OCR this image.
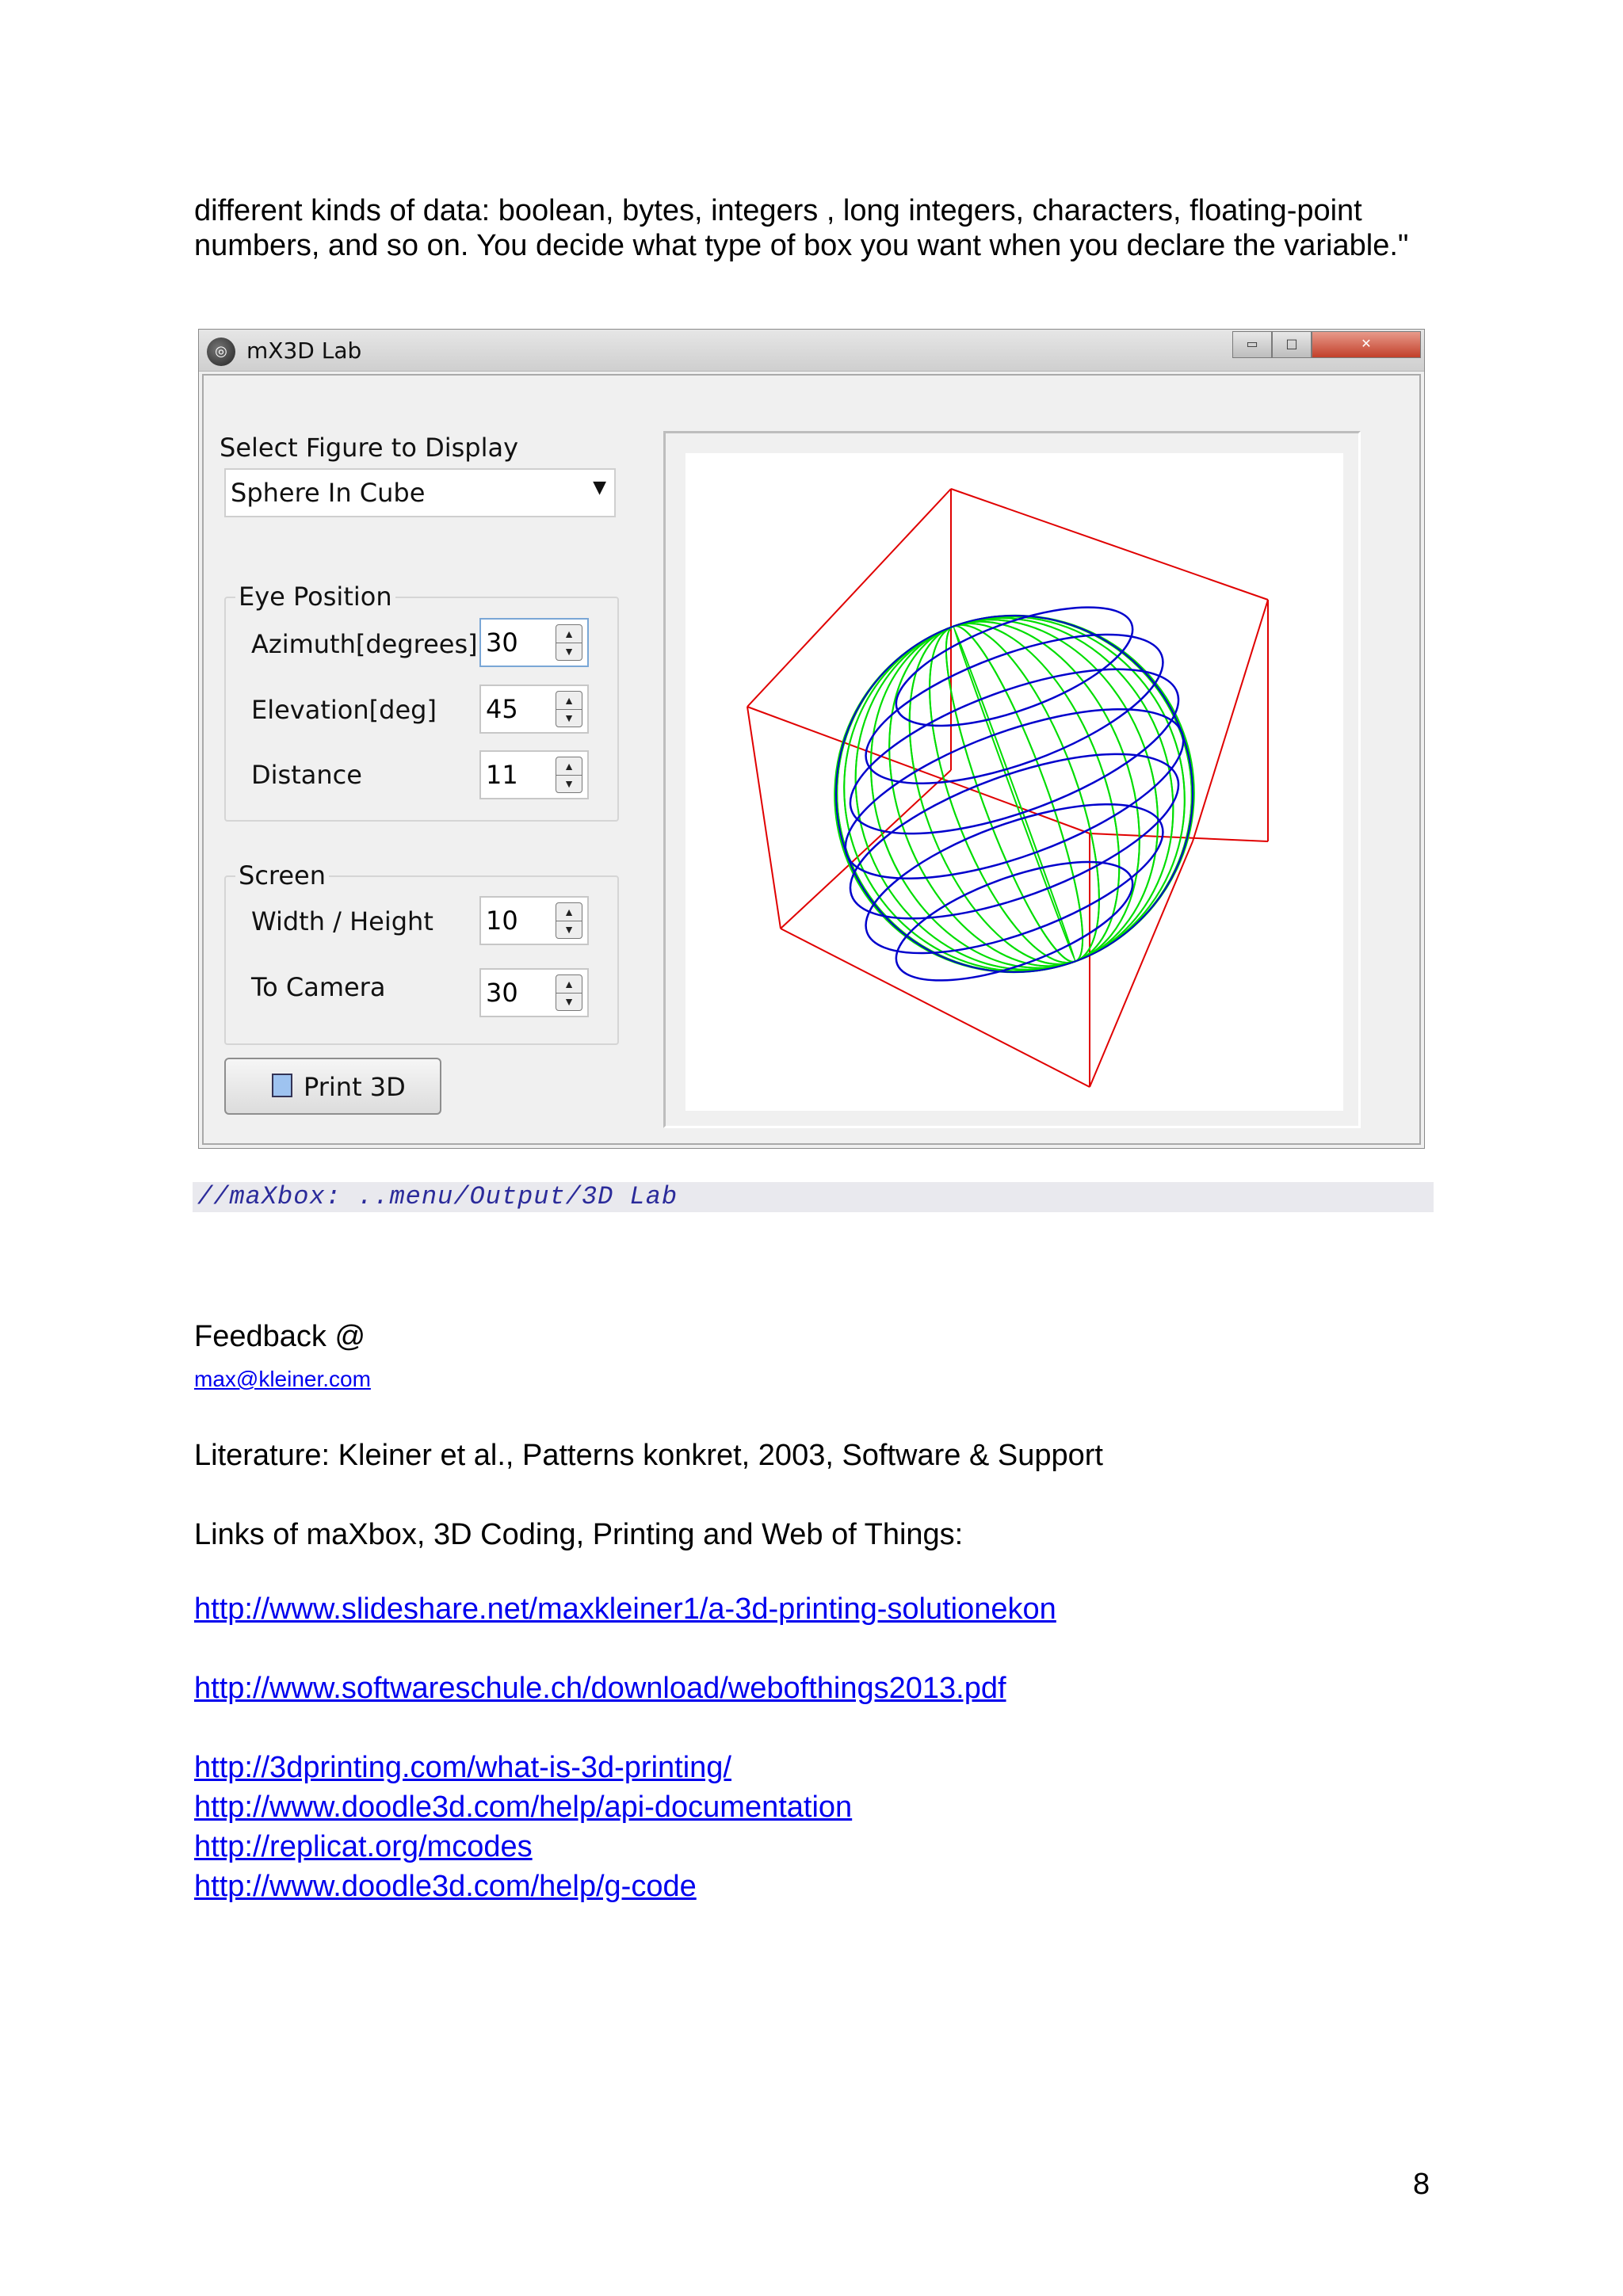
different kinds of data: boolean, bytes, integers , long integers, characters, floating-point
numbers, and so on. You decide what type of box you want when you declare the variable."
◎ mX3D Lab	▭	□	✕
Select Figure to Display
Sphere In Cube	▼
Eye Position
Azimuth[degrees] 30	▲
▼
Elevation[deg] 45	▲
▼
Distance	11	▲
▼
Screen
Width / Height 10	▲
▼
To Camera	30	▲
▼
Print 3D
//maXbox: ..menu/Output/3D Lab
Feedback @
max@kleiner.com
Literature: Kleiner et al., Patterns konkret, 2003, Software & Support
Links of maXbox, 3D Coding, Printing and Web of Things:
http://www.slideshare.net/maxkleiner1/a-3d-printing-solutionekon
http://www.softwareschule.ch/download/webofthings2013.pdf
http://3dprinting.com/what-is-3d-printing/
http://www.doodle3d.com/help/api-documentation
http://replicat.org/mcodes
http://www.doodle3d.com/help/g-code
8
